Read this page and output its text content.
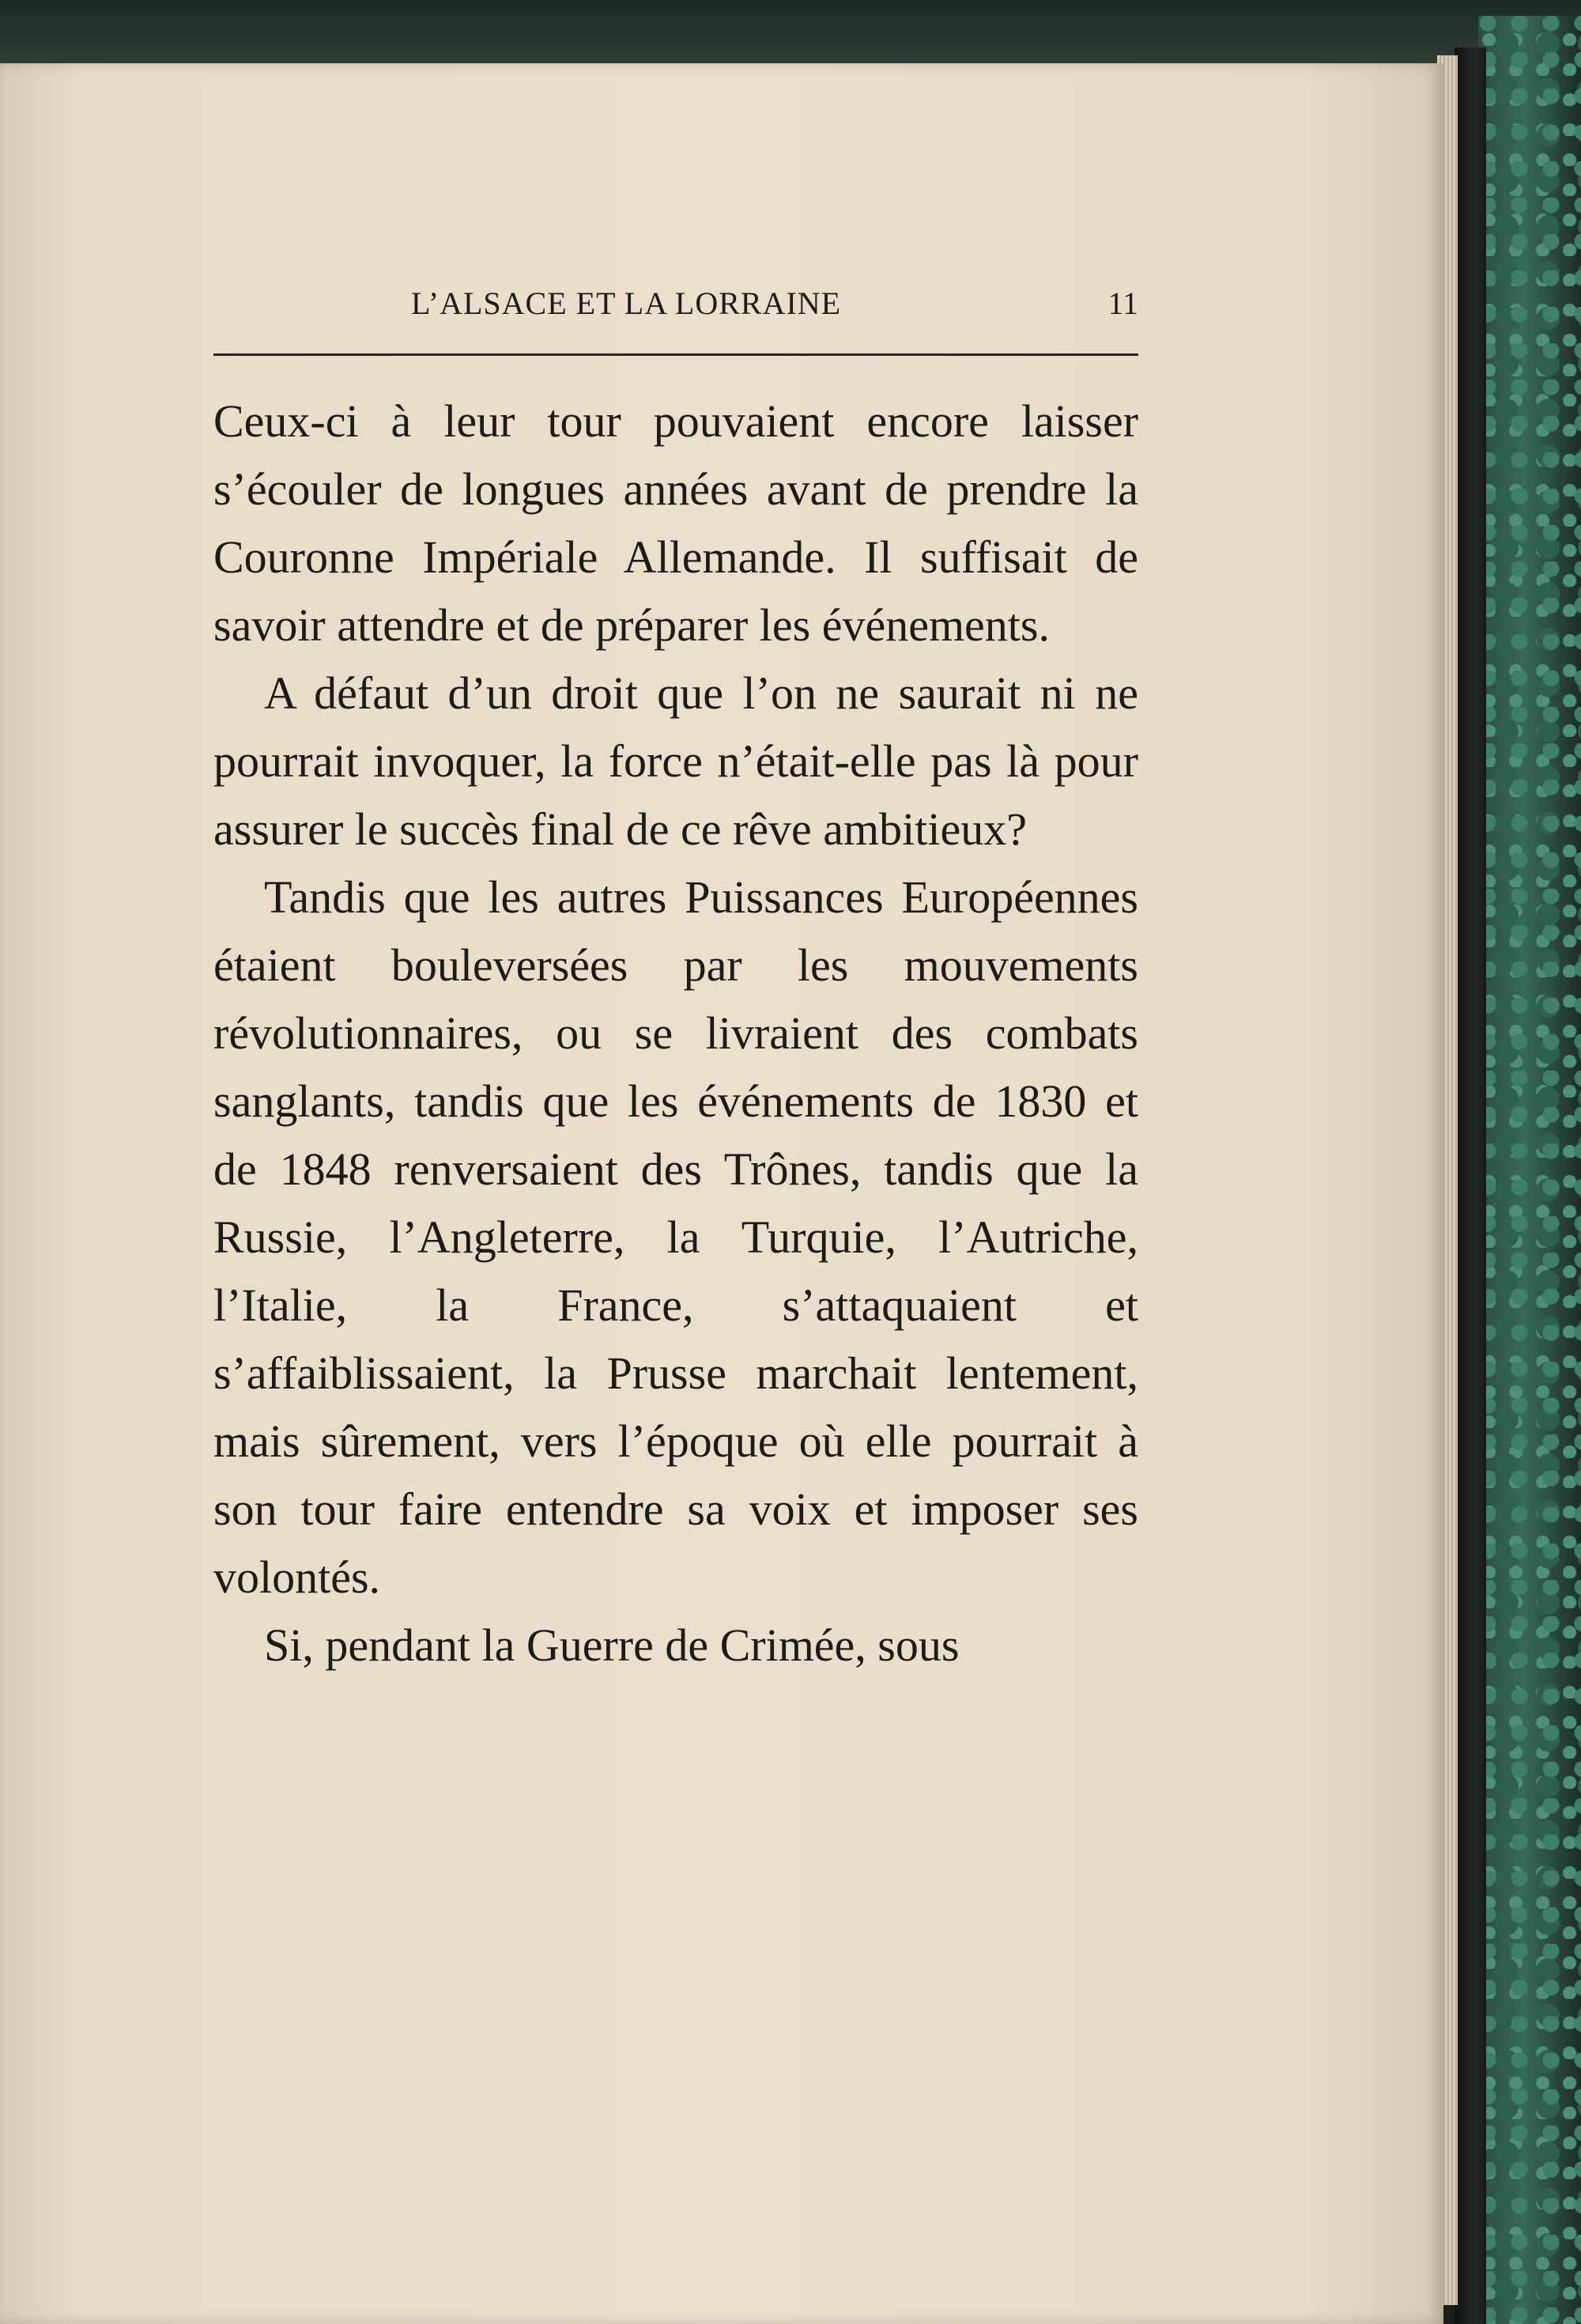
L’ALSACE ET LA LORRAINE	11

Ceux-ci à leur tour pouvaient encore laisser s’écouler de longues années avant de prendre la Couronne Impériale Allemande. Il suffisait de savoir attendre et de préparer les événements.

A défaut d’un droit que l’on ne saurait ni ne pourrait invoquer, la force n’était-elle pas là pour assurer le succès final de ce rêve ambitieux?

Tandis que les autres Puissances Européennes étaient bouleversées par les mouvements révolutionnaires, ou se livraient des combats sanglants, tandis que les événements de 1830 et de 1848 renversaient des Trônes, tandis que la Russie, l’Angleterre, la Turquie, l’Autriche, l’Italie, la France, s’attaquaient et s’affaiblissaient, la Prusse marchait lentement, mais sûrement, vers l’époque où elle pourrait à son tour faire entendre sa voix et imposer ses volontés.

Si, pendant la Guerre de Crimée, sous
